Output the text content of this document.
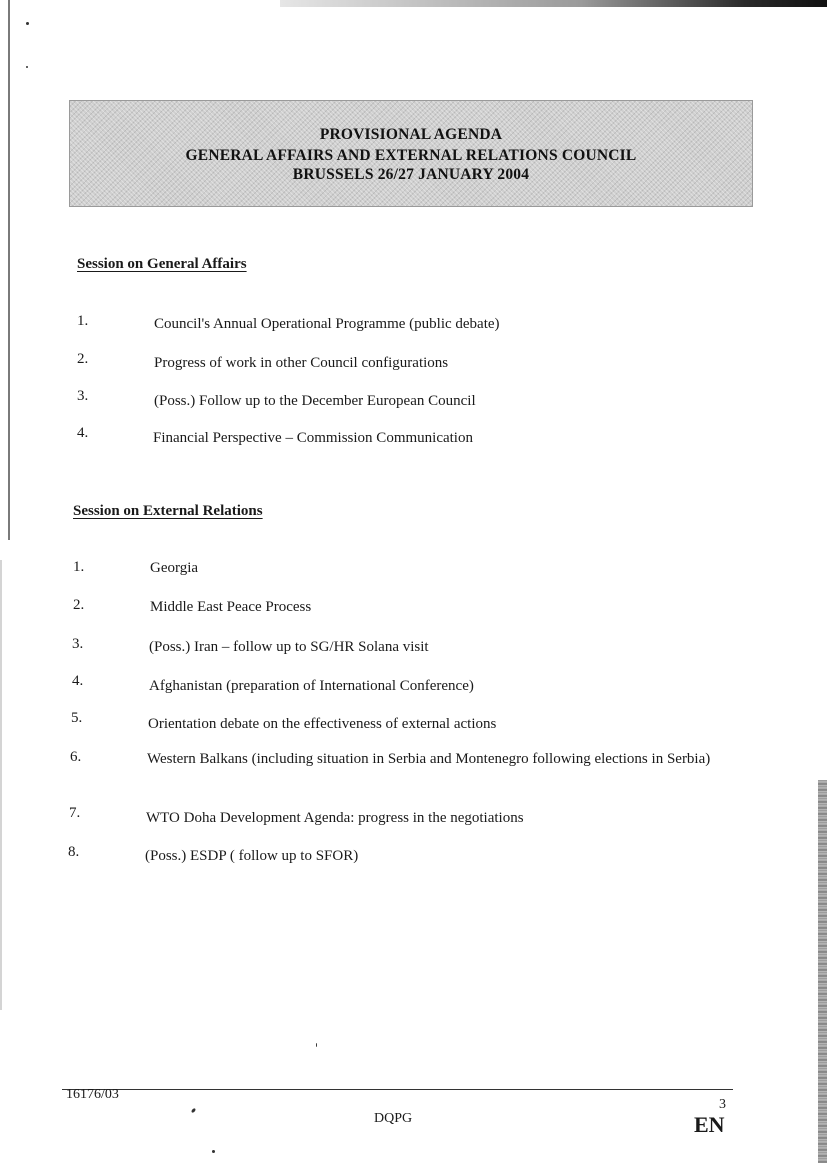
PROVISIONAL AGENDA
GENERAL AFFAIRS AND EXTERNAL RELATIONS COUNCIL
BRUSSELS 26/27 JANUARY 2004
Session on General Affairs
1.	Council's Annual Operational Programme (public debate)
2.	Progress of work in other Council configurations
3.	(Poss.) Follow up to the December European Council
4.	Financial Perspective – Commission Communication
Session on External Relations
1.	Georgia
2.	Middle East Peace Process
3.	(Poss.) Iran – follow up to SG/HR Solana visit
4.	Afghanistan (preparation of International Conference)
5.	Orientation debate on the effectiveness of external actions
6.	Western Balkans (including situation in Serbia and Montenegro following elections in Serbia)
7.	WTO Doha Development Agenda: progress in the negotiations
8.	(Poss.) ESDP ( follow up to SFOR)
16176/03
DQPG
3
EN
